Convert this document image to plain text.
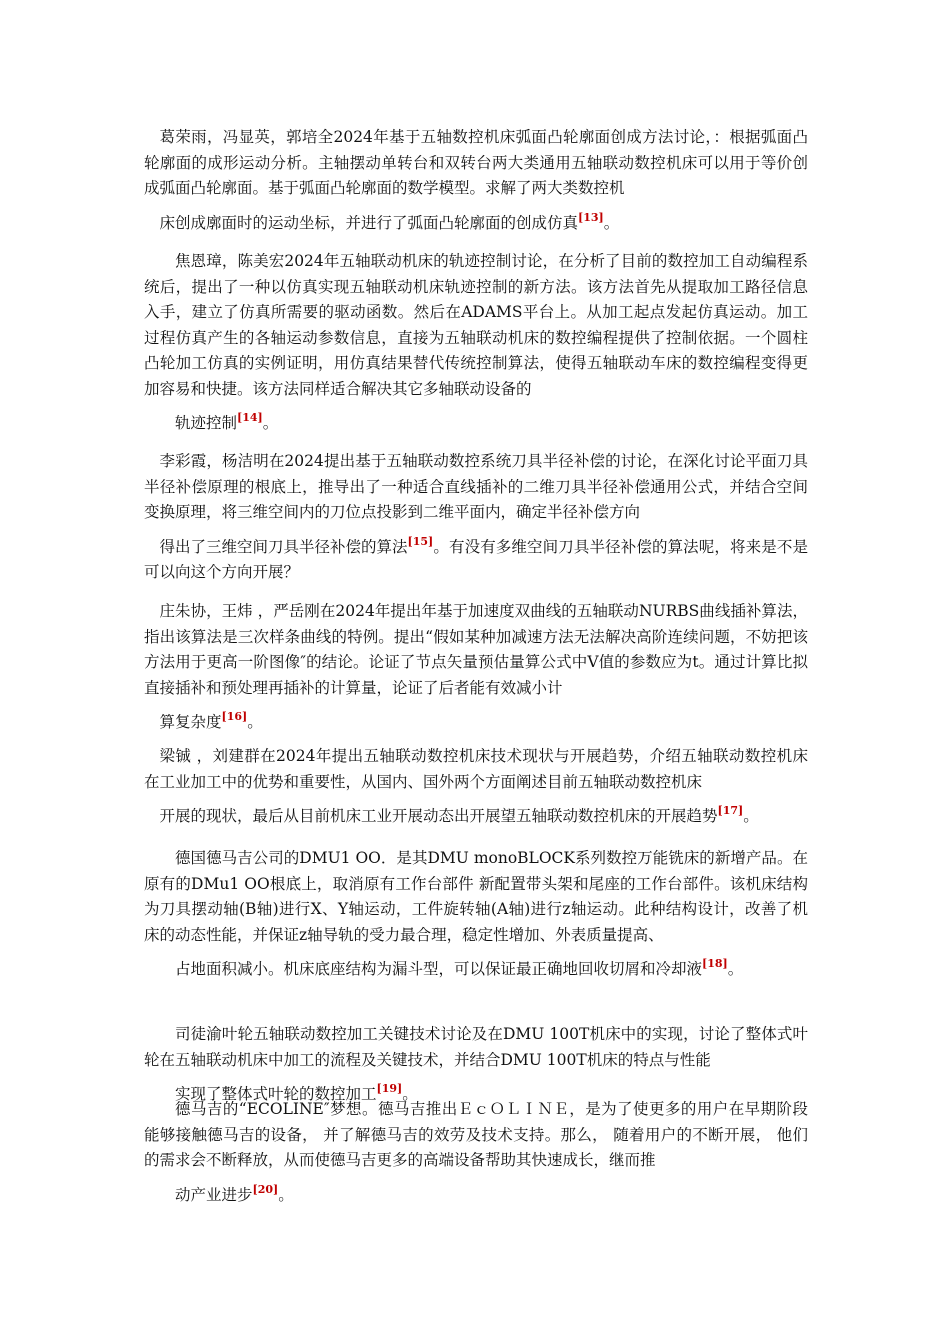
葛荣雨，冯显英，郭培全2024年基于五轴数控机床弧面凸轮廓面创成方法讨论，：根据弧面凸轮廓面的成形运动分析。主轴摆动单转台和双转台两大类通用五轴联动数控机床可以用于等价创成弧面凸轮廓面。基于弧面凸轮廓面的数学模型。求解了两大类数控机
床创成廓面时的运动坐标，并进行了弧面凸轮廓面的创成仿真[13]。

焦恩璋，陈美宏2024年五轴联动机床的轨迹控制讨论，在分析了目前的数控加工自动编程系统后，提出了一种以仿真实现五轴联动机床轨迹控制的新方法。该方法首先从提取加工路径信息入手，建立了仿真所需要的驱动函数。然后在ADAMS平台上。从加工起点发起仿真运动。加工过程仿真产生的各轴运动参数信息，直接为五轴联动机床的数控编程提供了控制依据。一个圆柱凸轮加工仿真的实例证明，用仿真结果替代传统控制算法，使得五轴联动车床的数控编程变得更加容易和快捷。该方法同样适合解决其它多轴联动设备的
轨迹控制[14]。

李彩霞，杨洁明在2024提出基于五轴联动数控系统刀具半径补偿的讨论，在深化讨论平面刀具半径补偿原理的根底上，推导出了一种适合直线插补的二维刀具半径补偿通用公式，并结合空间变换原理，将三维空间内的刀位点投影到二维平面内，确定半径补偿方向
得出了三维空间刀具半径补偿的算法[15]。有没有多维空间刀具半径补偿的算法呢，将来是不是可以向这个方向开展？

庄朱协，王炜 ，严岳刚在2024年提出年基于加速度双曲线的五轴联动NURBS曲线插补算法，指出该算法是三次样条曲线的特例。提出“假如某种加减速方法无法解决高阶连续问题，不妨把该方法用于更高一阶图像″的结论。论证了节点矢量预估量算公式中V值的参数应为t。通过计算比拟直接插补和预处理再插补的计算量，论证了后者能有效减小计
算复杂度[16]。

梁铖 ，刘建群在2024年提出五轴联动数控机床技术现状与开展趋势，介绍五轴联动数控机床在工业加工中的优势和重要性，从国内、国外两个方面阐述目前五轴联动数控机床
开展的现状，最后从目前机床工业开展动态出开展望五轴联动数控机床的开展趋势[17]。

德国德马吉公司的DMU1 OO．是其DMU monoBLOCK系列数控万能铣床的新增产品。在原有的DMu1 OO根底上，取消原有工作台部件 新配置带头架和尾座的工作台部件。该机床结构为刀具摆动轴(B轴)进行X、Y轴运动，工件旋转轴(A轴)进行z轴运动。此种结构设计，改善了机床的动态性能，并保证z轴导轨的受力最合理，稳定性增加、外表质量提高、
占地面积减小。机床底座结构为漏斗型，可以保证最正确地回收切屑和冷却液[18]。

司徒渝叶轮五轴联动数控加工关键技术讨论及在DMU 100T机床中的实现，讨论了整体式叶轮在五轴联动机床中加工的流程及关键技术，并结合DMU 100T机床的特点与性能
实现了整体式叶轮的数控加工[19]。

德马吉的“ECOLINE″梦想。德马吉推出ＥｃＯＬＩＮＥ，是为了使更多的用户在早期阶段能够接触德马吉的设备， 并了解德马吉的效劳及技术支持。那么， 随着用户的不断开展， 他们的需求会不断释放，从而使德马吉更多的高端设备帮助其快速成长，继而推
动产业进步[20]。
